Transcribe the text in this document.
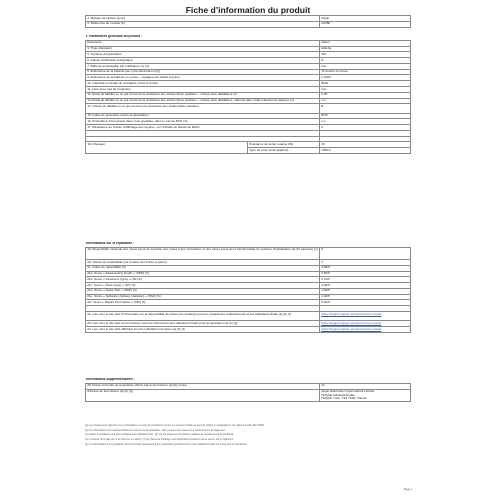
Fiche d’information du produit
1. Marque de l’article (a) (b)	Apple
2. Référence du modèle (b)	A3358
3. Paramètres généraux du produit :		
Paramètre		Valeur
4. Type d’appareil		tablette
5. Système d’exploitation		iOS
6. Classe d’efficacité énergétique		D
7. Batterie remplaçable par l’utilisateur (c) (d)		non
8. Endurance de la batterie par cycle (Endurance (h))		71 heures 0 minute
9. Endurance de la batterie en cycles – réglages par défaut (cycles)		≥ 1000
10. Capacité nominale de la batterie (Cnomi) (mAh)		8160
11. Livré avec étui de protection		non
12. Essai de fiabilité en ce qui concerne la résistance aux chutes libres répétées – chutes sans défaillance (n)		≥ 40
13. Essai de fiabilité en ce qui concerne la résistance aux chutes libres répétées – chutes sans défaillance, effectué dans l’état entièrement déployé (n)		s.o.
14. Classe de fiabilité en ce qui concerne la résistance aux chutes libres répétées		B
15. Indice de protection contre la pénétration		IP43
16. Profondeur d’immersion dans l’eau spécifiée, dans le cas de IPx8 (m)		s.o.
17. Résistance de l’écran d’affichage aux rayures, sur l’échelle de dureté de Mohs		4

18. Chargeur	Puissance de sortie requise (W)	15
	Type de prise (côté appareil)	USB-C
Informations sur la réparation :	
19. Disponibilité minimale des mises à jour de sécurité, des mises à jour correctives et des mises à jour de la fonctionnalité du système d’exploitation (a) (b) (années) (e)	8
20. Classe de réparabilité (sur la base de l’indice ci-après)	C
21. Indice de réparabilité (b)	2,85/5
21a. Score « Disassembly Depth » (SDD) (b)	2,50/5
21b. Score « Fasteners (type) » (SF) (b)	2,70/5
21c. Score « Tools (type) » (ST) (b)	2,30/5
21d. Score « Spare Part » (SSP) (b)	1,00/5
21e. Score « Software Updates (duration) » (SSU) (b)	1,00/5
21f. Score « Repair Information » (SRI) (b)	5,00/5

22. Lien vers le site web d’information sur la disponibilité de pièces de rechange pour les réparateurs professionnels et les utilisateurs finals (a) (b) (f)	https://support.apple.com/self-service-repair
23. Lien vers le site web du fournisseur vers les instructions aux utilisateurs finals pour la réparation (a) (b) (g)	https://support.apple.com/self-service-repair
24. Lien vers le site web affichant les prix indicatifs hors taxes (a) (b) (f)	https://support.apple.com/self-service-repair
Informations supplémentaires :	
25. Durée minimale de la garantie offerte par le fournisseur (a) (b) (mois)	12
Adresse du fournisseur (a) (b) (g)	Apple Distribution International Limited
Hollyhill Industrial Estate
Hollyhill, Cork, T23 YK84, Irlande

(a) Les changements apportés à ces informations ne sont pas considérés comme un nouveau modèle au sens de l’article 2, paragraphe 6, du règlement (UE) 2017/1369.

(b) Ces informations sont réputées fiables au moment de la publication ; elles peuvent être mises à jour conformément au règlement.

(c) Indique si la batterie peut être remplacée par l’utilisateur final ; (d) voir les exigences de l’annexe relatives au remplacement de la batterie.

(e) À compter de la date de fin de mise sur le marché ; (f) les pièces de rechange sont disponibles pendant la durée prévue par le règlement.

(g) Les informations sur la réparation sont accessibles gratuitement aux réparateurs professionnels et aux utilisateurs finals sur le site web du fournisseur.

Page 1
